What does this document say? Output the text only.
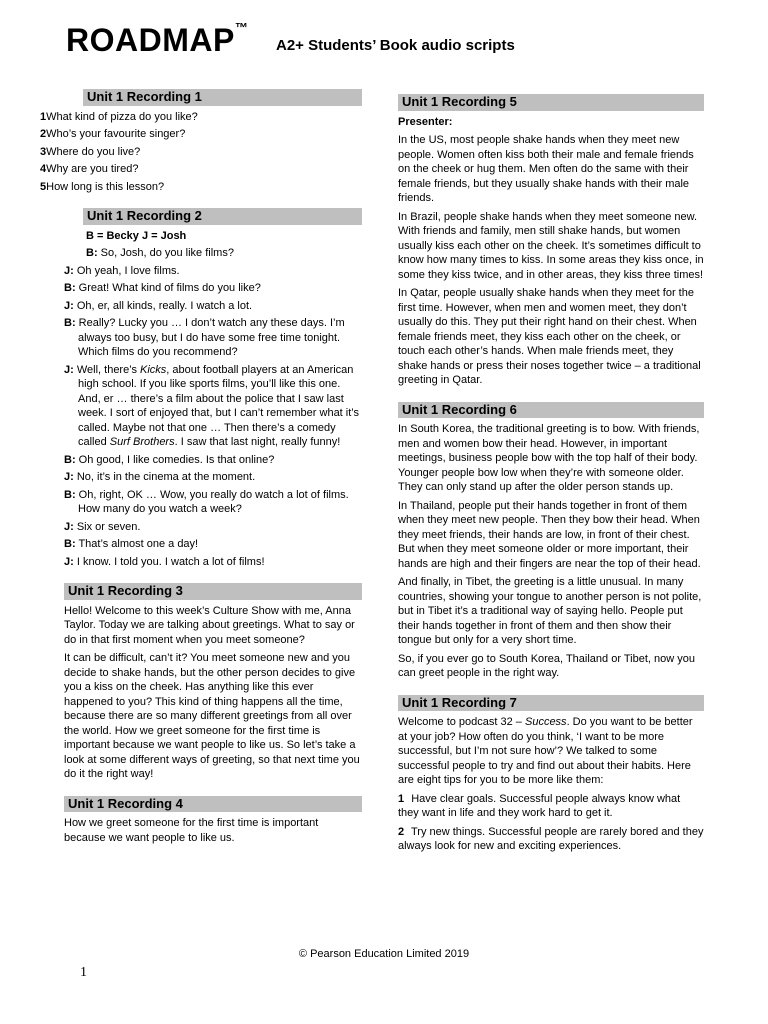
ROADMAP™
A2+ Students’ Book audio scripts
Unit 1 Recording 1
1What kind of pizza do you like?
2Who’s your favourite singer?
3Where do you live?
4Why are you tired?
5How long is this lesson?
Unit 1 Recording 2
B = Becky J = Josh
B: So, Josh, do you like films?
J: Oh yeah, I love films.
B: Great! What kind of films do you like?
J: Oh, er, all kinds, really. I watch a lot.
B: Really? Lucky you … I don’t watch any these days. I’m always too busy, but I do have some free time tonight. Which films do you recommend?
J: Well, there’s Kicks, about football players at an American high school. If you like sports films, you’ll like this one. And, er … there’s a film about the police that I saw last week. I sort of enjoyed that, but I can’t remember what it’s called. Maybe not that one … Then there’s a comedy called Surf Brothers. I saw that last night, really funny!
B: Oh good, I like comedies. Is that online?
J: No, it’s in the cinema at the moment.
B: Oh, right, OK … Wow, you really do watch a lot of films. How many do you watch a week?
J: Six or seven.
B: That’s almost one a day!
J: I know. I told you. I watch a lot of films!
Unit 1 Recording 3
Hello! Welcome to this week’s Culture Show with me, Anna Taylor. Today we are talking about greetings. What to say or do in that first moment when you meet someone?
It can be difficult, can’t it? You meet someone new and you decide to shake hands, but the other person decides to give you a kiss on the cheek. Has anything like this ever happened to you? This kind of thing happens all the time, because there are so many different greetings from all over the world. How we greet someone for the first time is important because we want people to like us. So let’s take a look at some different ways of greeting, so that next time you do it the right way!
Unit 1 Recording 4
How we greet someone for the first time is important because we want people to like us.
Unit 1 Recording 5
Presenter:
In the US, most people shake hands when they meet new people. Women often kiss both their male and female friends on the cheek or hug them. Men often do the same with their female friends, but they usually shake hands with their male friends.
In Brazil, people shake hands when they meet someone new. With friends and family, men still shake hands, but women usually kiss each other on the cheek. It’s sometimes difficult to know how many times to kiss. In some areas they kiss once, in some they kiss twice, and in other areas, they kiss three times!
In Qatar, people usually shake hands when they meet for the first time. However, when men and women meet, they don’t usually do this. They put their right hand on their chest. When female friends meet, they kiss each other on the cheek, or touch each other’s hands. When male friends meet, they shake hands or press their noses together twice – a traditional greeting in Qatar.
Unit 1 Recording 6
In South Korea, the traditional greeting is to bow. With friends, men and women bow their head. However, in important meetings, business people bow with the top half of their body. Younger people bow low when they’re with someone older. They can only stand up after the older person stands up.
In Thailand, people put their hands together in front of them when they meet new people. Then they bow their head. When they meet friends, their hands are low, in front of their chest. But when they meet someone older or more important, their hands are high and their fingers are near the top of their head.
And finally, in Tibet, the greeting is a little unusual. In many countries, showing your tongue to another person is not polite, but in Tibet it’s a traditional way of saying hello. People put their hands together in front of them and then show their tongue but only for a very short time.
So, if you ever go to South Korea, Thailand or Tibet, now you can greet people in the right way.
Unit 1 Recording 7
Welcome to podcast 32 – Success. Do you want to be better at your job? How often do you think, ‘I want to be more successful, but I’m not sure how’? We talked to some successful people to try and find out about their habits. Here are eight tips for you to be more like them:
1 Have clear goals. Successful people always know what they want in life and they work hard to get it.
2 Try new things. Successful people are rarely bored and they always look for new and exciting experiences.
© Pearson Education Limited 2019
1
